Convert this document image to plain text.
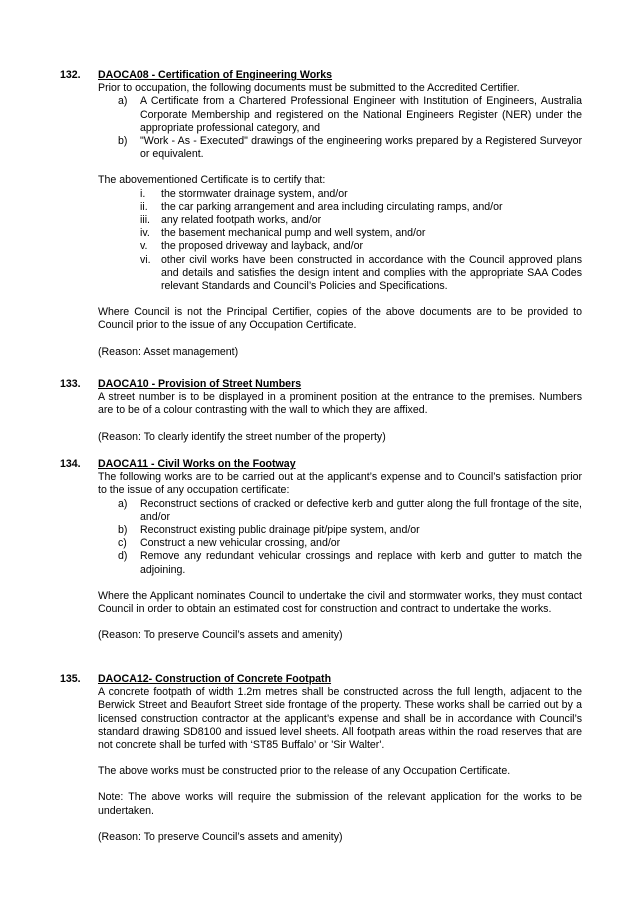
132. DAOCA08 - Certification of Engineering Works

Prior to occupation, the following documents must be submitted to the Accredited Certifier.

a) A Certificate from a Chartered Professional Engineer with Institution of Engineers, Australia Corporate Membership and registered on the National Engineers Register (NER) under the appropriate professional category, and
b) "Work - As - Executed" drawings of the engineering works prepared by a Registered Surveyor or equivalent.

The abovementioned Certificate is to certify that:

i. the stormwater drainage system, and/or
ii. the car parking arrangement and area including circulating ramps, and/or
iii. any related footpath works, and/or
iv. the basement mechanical pump and well system, and/or
v. the proposed driveway and layback, and/or
vi. other civil works have been constructed in accordance with the Council approved plans and details and satisfies the design intent and complies with the appropriate SAA Codes relevant Standards and Council’s Policies and Specifications.

Where Council is not the Principal Certifier, copies of the above documents are to be provided to Council prior to the issue of any Occupation Certificate.

(Reason: Asset management)

133. DAOCA10 - Provision of Street Numbers

A street number is to be displayed in a prominent position at the entrance to the premises. Numbers are to be of a colour contrasting with the wall to which they are affixed.

(Reason: To clearly identify the street number of the property)

134. DAOCA11 - Civil Works on the Footway

The following works are to be carried out at the applicant’s expense and to Council’s satisfaction prior to the issue of any occupation certificate:

a) Reconstruct sections of cracked or defective kerb and gutter along the full frontage of the site, and/or
b) Reconstruct existing public drainage pit/pipe system, and/or
c) Construct a new vehicular crossing, and/or
d) Remove any redundant vehicular crossings and replace with kerb and gutter to match the adjoining.

Where the Applicant nominates Council to undertake the civil and stormwater works, they must contact Council in order to obtain an estimated cost for construction and contract to undertake the works.

(Reason: To preserve Council’s assets and amenity)

135. DAOCA12- Construction of Concrete Footpath

A concrete footpath of width 1.2m metres shall be constructed across the full length, adjacent to the Berwick Street and Beaufort Street side frontage of the property. These works shall be carried out by a licensed construction contractor at the applicant’s expense and shall be in accordance with Council’s standard drawing SD8100 and issued level sheets. All footpath areas within the road reserves that are not concrete shall be turfed with ‘ST85 Buffalo’ or 'Sir Walter'.

The above works must be constructed prior to the release of any Occupation Certificate.

Note: The above works will require the submission of the relevant application for the works to be undertaken.

(Reason: To preserve Council’s assets and amenity)
